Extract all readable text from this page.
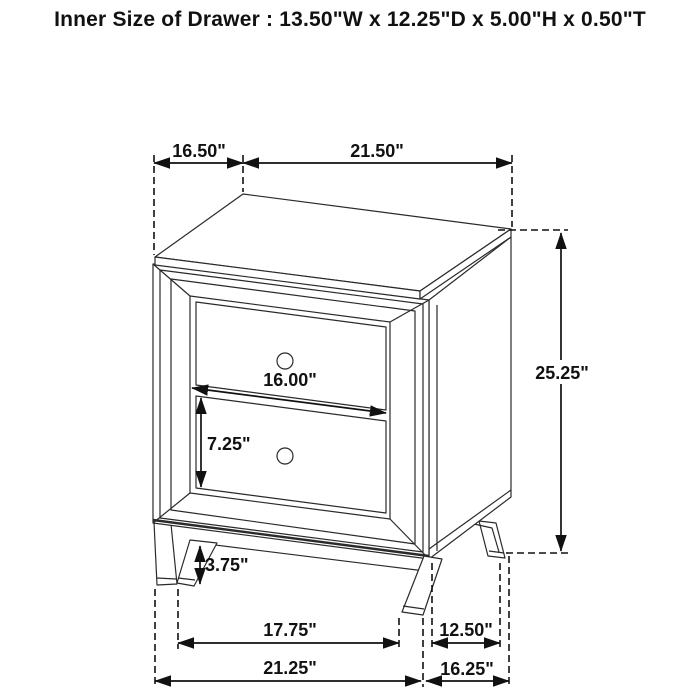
Inner Size of Drawer : 13.50"W x 12.25"D x 5.00"H x 0.50"T
16.50"	21.50"
25.25"
16.00"
7.25"
3.75"
17.75"	12.50"
21.25"	16.25"
